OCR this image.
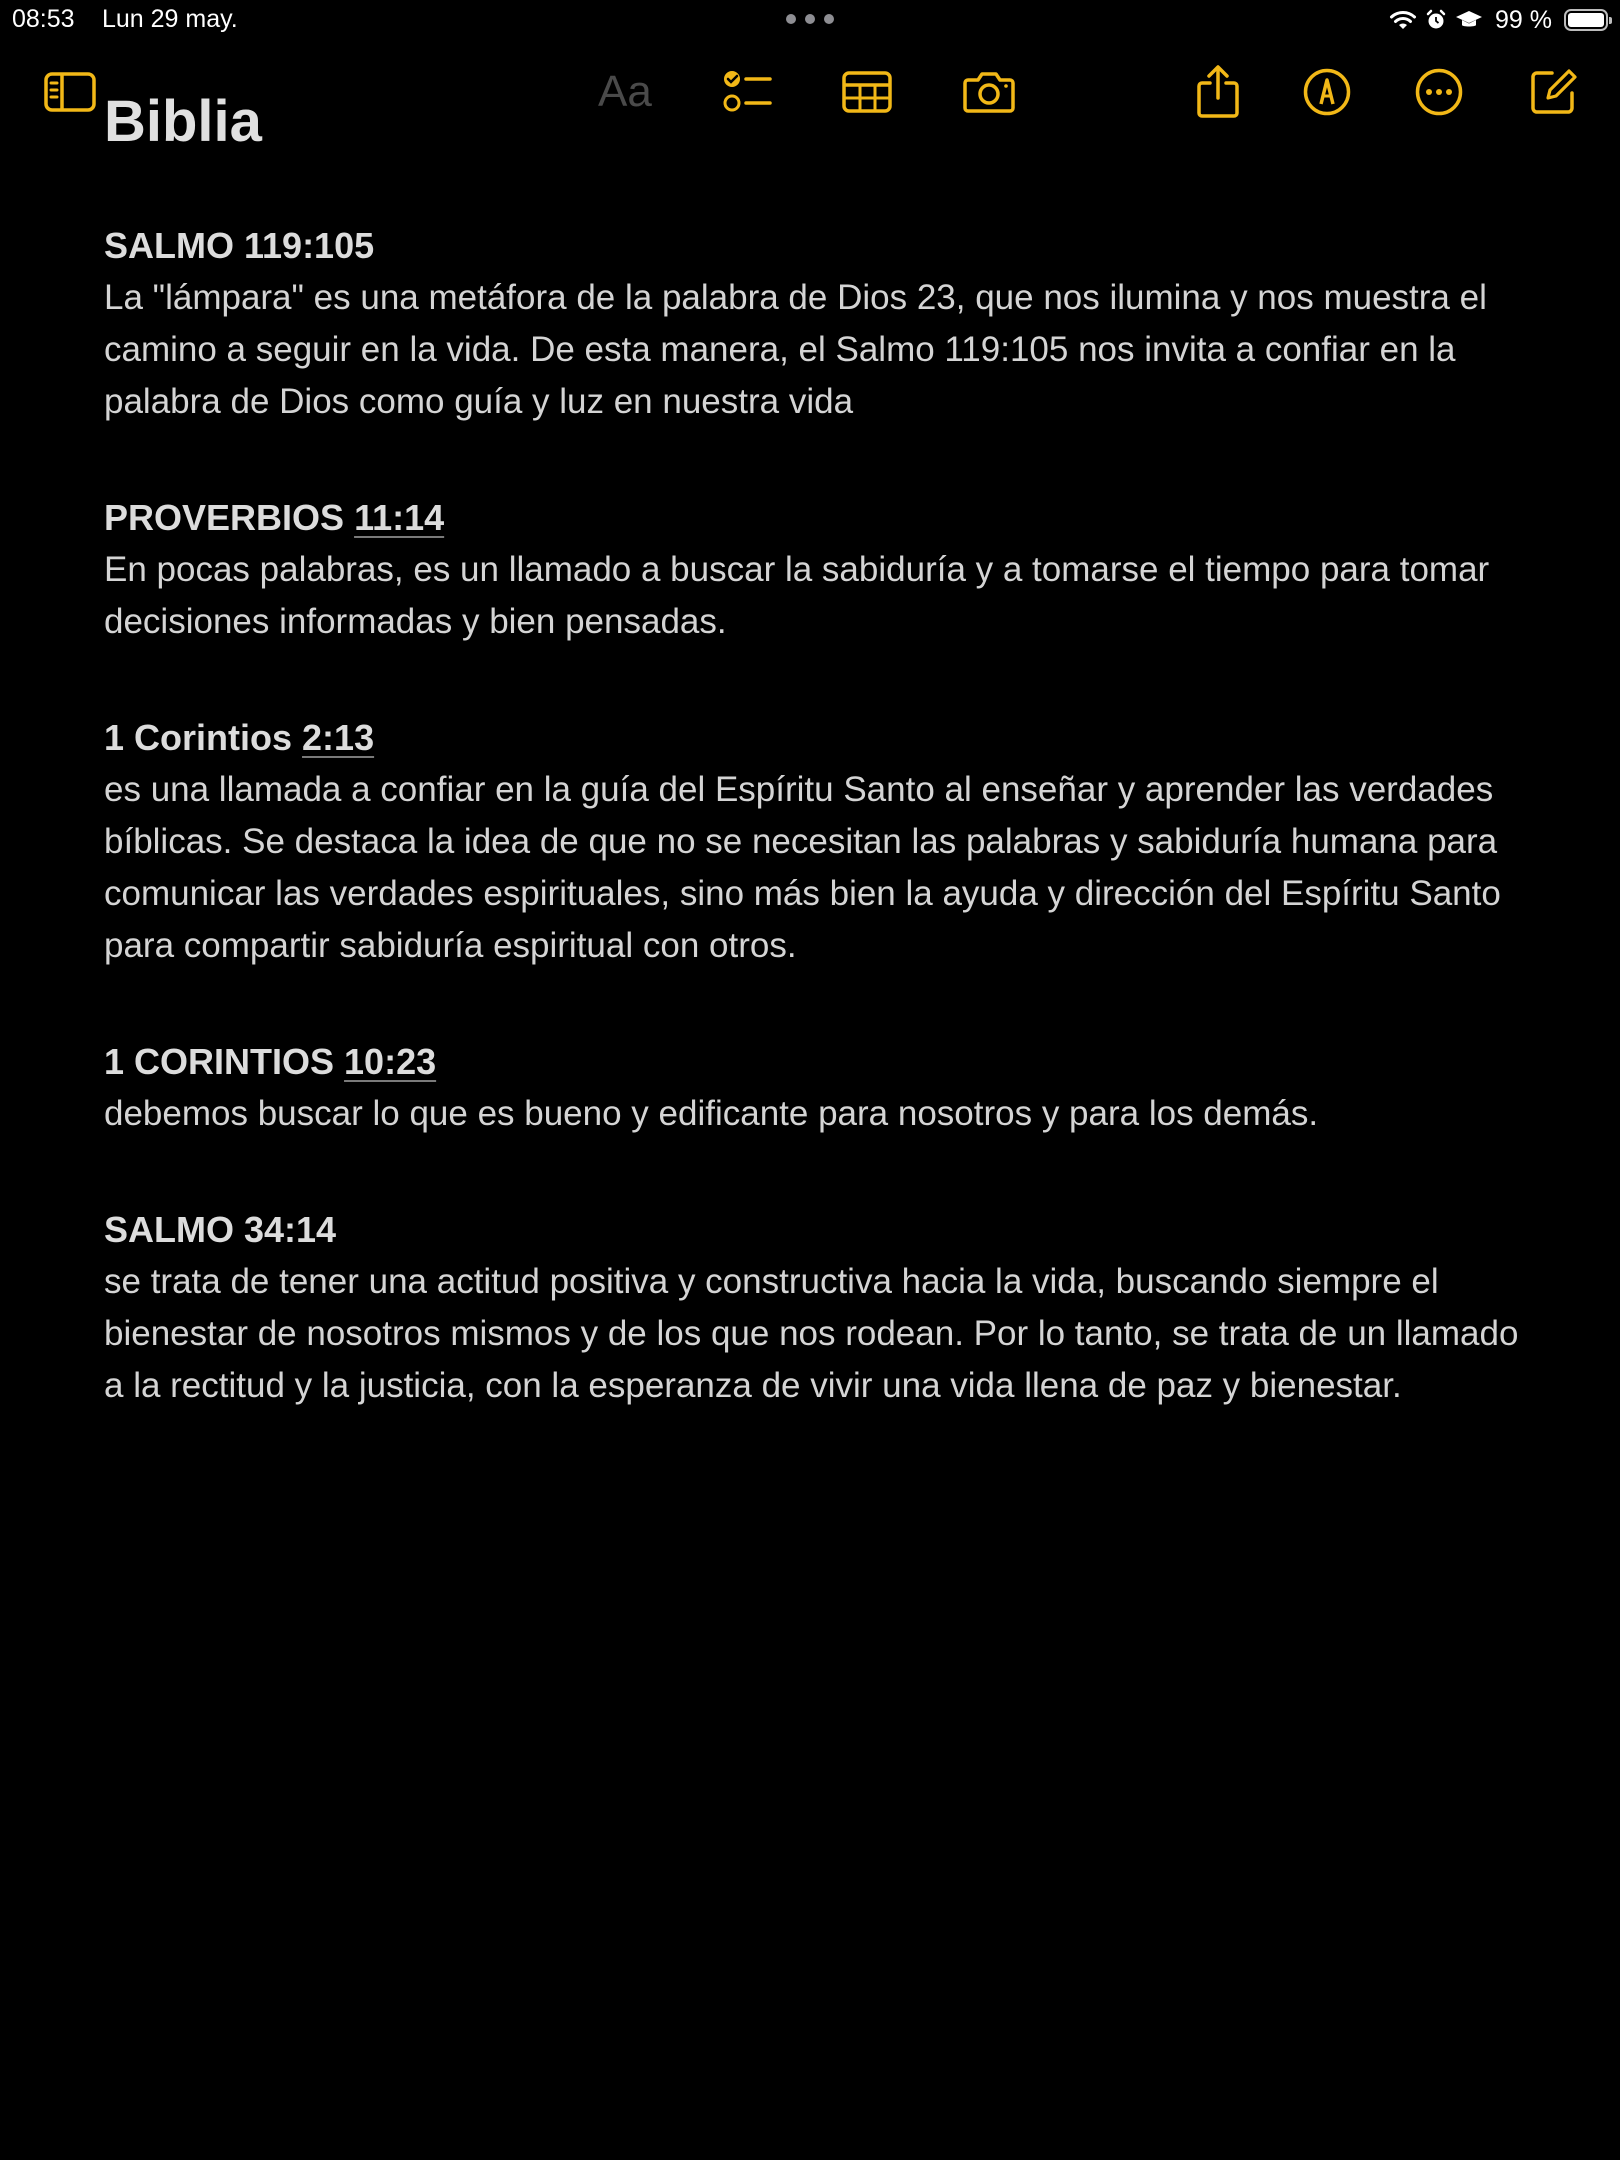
08:53 Lun 29 may.	99 %
Aa
Biblia
SALMO 119:105
La "lámpara" es una metáfora de la palabra de Dios 23, que nos ilumina y nos muestra el camino a seguir en la vida. De esta manera, el Salmo 119:105 nos invita a confiar en la palabra de Dios como guía y luz en nuestra vida
PROVERBIOS 11:14
En pocas palabras, es un llamado a buscar la sabiduría y a tomarse el tiempo para tomar decisiones informadas y bien pensadas.
1 Corintios 2:13
es una llamada a confiar en la guía del Espíritu Santo al enseñar y aprender las verdades bíblicas. Se destaca la idea de que no se necesitan las palabras y sabiduría humana para comunicar las verdades espirituales, sino más bien la ayuda y dirección del Espíritu Santo para compartir sabiduría espiritual con otros.
1 CORINTIOS 10:23
debemos buscar lo que es bueno y edificante para nosotros y para los demás.
SALMO 34:14
se trata de tener una actitud positiva y constructiva hacia la vida, buscando siempre el bienestar de nosotros mismos y de los que nos rodean. Por lo tanto, se trata de un llamado a la rectitud y la justicia, con la esperanza de vivir una vida llena de paz y bienestar.
